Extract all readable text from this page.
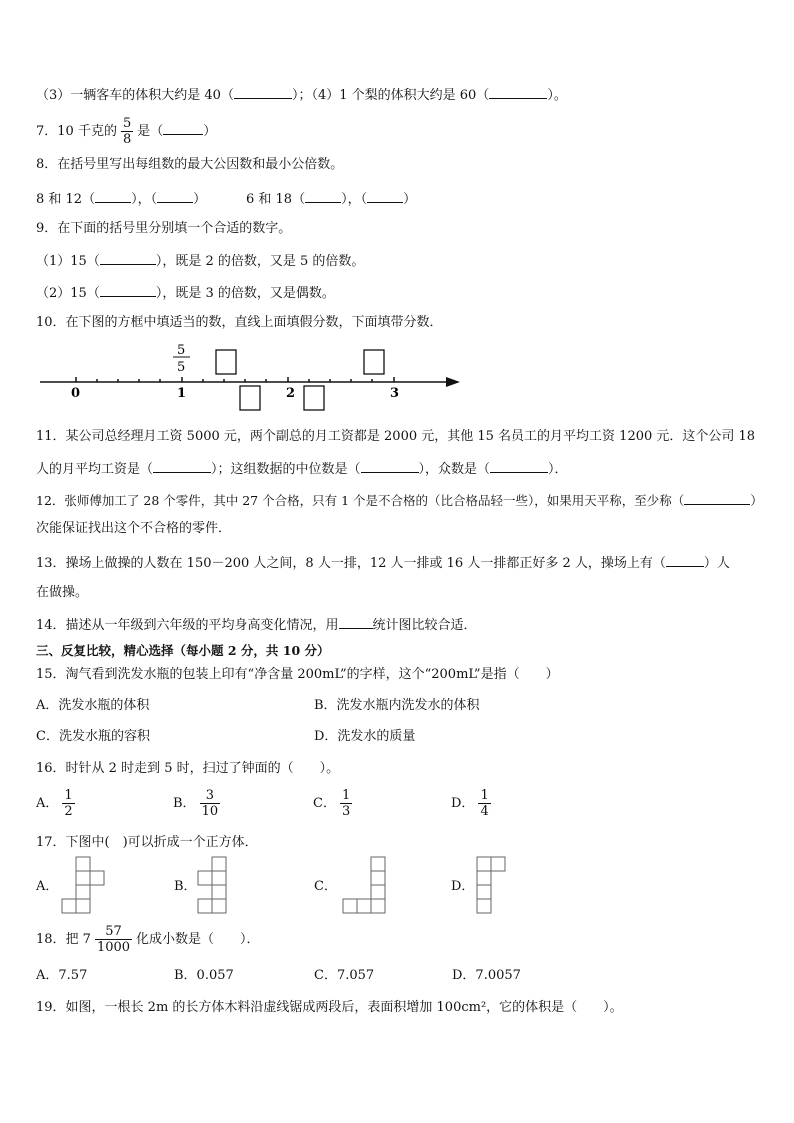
（3）一辆客车的体积大约是 40（	）；（4）1 个梨的体积大约是 60（	）。
7．10 千克的 $\frac{5}{8}$ 是（	）
8．在括号里写出每组数的最大公因数和最小公倍数。
8 和 12（	），（	）	6 和 18（	），（	）
9．在下面的括号里分别填一个合适的数字。
（1）15（	），既是 2 的倍数，又是 5 的倍数。
（2）15（	），既是 3 的倍数，又是偶数。
10．在下图的方框中填适当的数，直线上面填假分数，下面填带分数．
0	1	2	3
5
5
11．某公司总经理月工资 5000 元，两个副总的月工资都是 2000 元，其他 15 名员工的月平均工资 1200 元．这个公司 18
人的月平均工资是（	）；这组数据的中位数是（	），众数是（	）．
12．张师傅加工了 28 个零件，其中 27 个合格，只有 1 个是不合格的（比合格品轻一些），如果用天平称，至少称（	）
次能保证找出这个不合格的零件．
13．操场上做操的人数在 150－200 人之间，8 人一排，12 人一排或 16 人一排都正好多 2 人，操场上有（	）人
在做操。
14．描述从一年级到六年级的平均身高变化情况，用	统计图比较合适．
三、反复比较，精心选择（每小题 2 分，共 10 分）
15．淘气看到洗发水瓶的包装上印有“净含量 200mL”的字样，这个“200mL”是指（　　）
A．洗发水瓶的体积	B．洗发水瓶内洗发水的体积
C．洗发水瓶的容积	D．洗发水的质量
16．时针从 2 时走到 5 时，扫过了钟面的（　　）。
A． $\frac{1}{2}$	B． $\frac{3}{10}$	C． $\frac{1}{3}$	D． $\frac{1}{4}$
17．下图中(　)可以折成一个正方体．
A．	B．	C．	D．
18．把 $7 \frac{57}{1000}$ 化成小数是（　　）．
A．7.57	B．0.057	C．7.057	D．7.0057
19．如图，一根长 2m 的长方体木料沿虚线锯成两段后，表面积增加 100cm²，它的体积是（　　）。
